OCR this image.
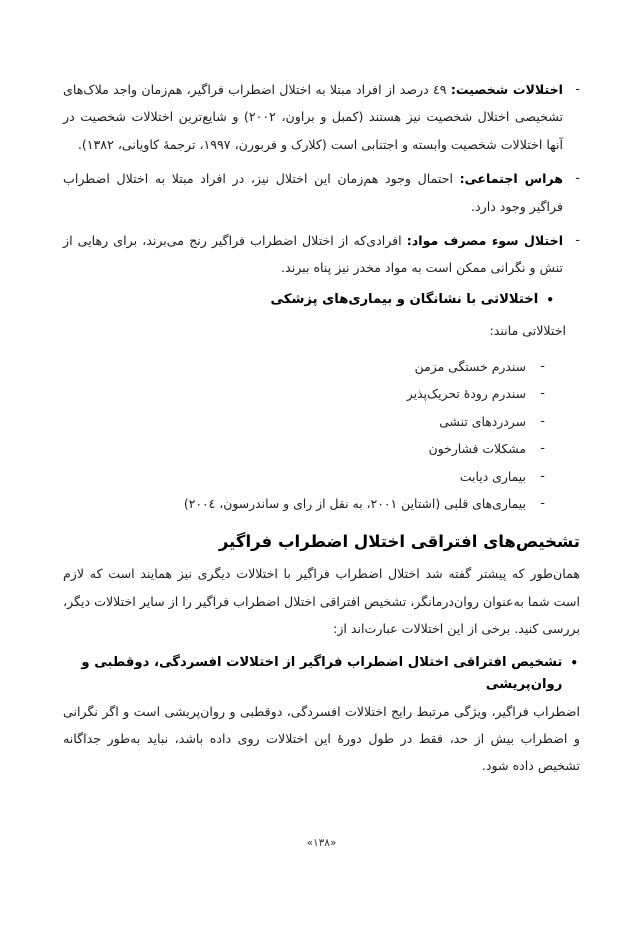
-
اختلالات شخصیت: ٤٩ درصد از افراد مبتلا به اختلال اضطراب فراگیر، هم‌زمان واجد ملاک‌های تشخیصی اختلال شخصیت نیز هستند (کمبل و براون، ٢٠٠٢) و شایع‌ترین اختلالات شخصیت در آنها اختلالات شخصیت وابسته و اجتنابی است (کلارک و فربورن، ١٩٩٧، ترجمهٔ کاویانی، ١٣٨٢).
-
هراس اجتماعی: احتمال وجود هم‌زمان این اختلال نیز، در افراد مبتلا به اختلال اضطراب فراگیر وجود دارد.
-
اختلال سوء مصرف مواد: افرادی‌که از اختلال اضطراب فراگیر رنج می‌برند، برای رهایی از تنش و نگرانی ممکن است به مواد مخدر نیز پناه ببرند.
•
اختلالاتی با نشانگان و بیماری‌های پزشکی
اختلالاتی مانند:
-
سندرم خستگی مزمن
-
سندرم رودهٔ تحریک‌پذیر
-
سردردهای تنشی
-
مشکلات فشارخون
-
بیماری دیابت
-
بیماری‌های قلبی (اشتاین ٢٠٠١، به نقل از رای و ساندرسون، ٢٠٠٤)
تشخیص‌های افتراقی اختلال اضطراب فراگیر

همان‌طور که پیشتر گفته شد اختلال اضطراب فراگیر با اختلالات دیگری نیز همایند است که لازم است شما به‌عنوان روان‌درمانگر، تشخیص افتراقی اختلال اضطراب فراگیر را از سایر اختلالات دیگر، بررسی کنید. برخی از این اختلالات عبارت‌اند از:

•
تشخیص افتراقی اختلال اضطراب فراگیر از اختلالات افسردگی، دوقطبی و روان‌پریشی

اضطراب فراگیر، ویژگی مرتبط رایج اختلالات افسردگی، دوقطبی و روان‌پریشی است و اگر نگرانی و اضطراب بیش از حد، فقط در طول دورهٔ این اختلالات روی داده باشد، نباید به‌طور جداگانه تشخیص داده شود.

«١٣٨»
